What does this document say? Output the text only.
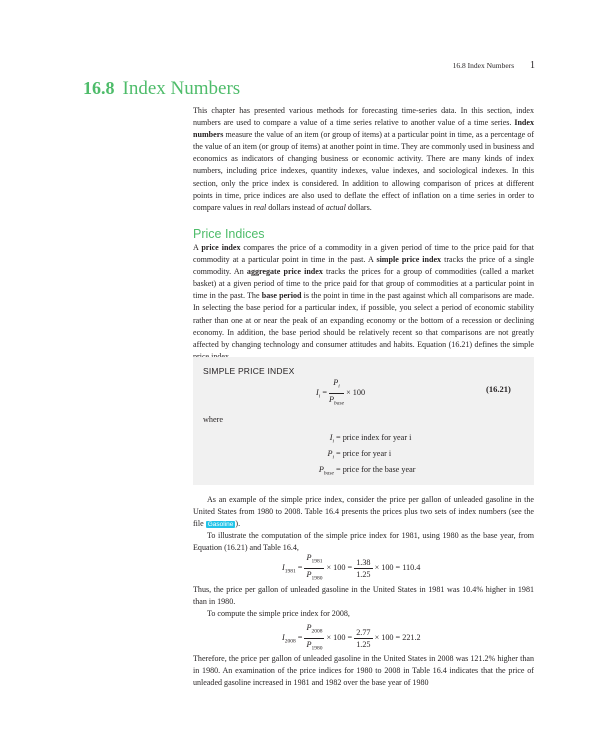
16.8 Index Numbers 1
16.8 Index Numbers
This chapter has presented various methods for forecasting time-series data. In this section, index numbers are used to compare a value of a time series relative to another value of a time series. Index numbers measure the value of an item (or group of items) at a particular point in time, as a percentage of the value of an item (or group of items) at another point in time. They are commonly used in business and economics as indicators of changing business or economic activity. There are many kinds of index numbers, including price indexes, quantity indexes, value indexes, and sociological indexes. In this section, only the price index is considered. In addition to allowing comparison of prices at different points in time, price indices are also used to deflate the effect of inflation on a time series in order to compare values in real dollars instead of actual dollars.
Price Indices
A price index compares the price of a commodity in a given period of time to the price paid for that commodity at a particular point in time in the past. A simple price index tracks the price of a single commodity. An aggregate price index tracks the prices for a group of commodities (called a market basket) at a given period of time to the price paid for that group of commodities at a particular point in time in the past. The base period is the point in time in the past against which all comparisons are made. In selecting the base period for a particular index, if possible, you select a period of economic stability rather than one at or near the peak of an expanding economy or the bottom of a recession or declining economy. In addition, the base period should be relatively recent so that comparisons are not greatly affected by changing technology and consumer attitudes and habits. Equation (16.21) defines the simple
SIMPLE PRICE INDEX
$I_i = \frac{P_i}{P_{base}} \times 100$	(16.21)
where
$I_i$ = price index for year i
$P_i$ = price for year i
$P_{base}$ = price for the base year
As an example of the simple price index, consider the price per gallon of unleaded gasoline in the United States from 1980 to 2008. Table 16.4 presents the prices plus two sets of index numbers (see the file Gasoline ).
To illustrate the computation of the simple price index for 1981, using 1980 as the base year, from Equation (16.21) and Table 16.4,
$I_{1981} = \frac{P_{1981}}{P_{1980}} \times 100 = \frac{1.38}{1.25} \times 100 = 110.4$
Thus, the price per gallon of unleaded gasoline in the United States in 1981 was 10.4% higher in 1981 than in 1980.
To compute the simple price index for 2008,
$I_{2008} = \frac{P_{2008}}{P_{1980}} \times 100 = \frac{2.77}{1.25} \times 100 = 221.2$
Therefore, the price per gallon of unleaded gasoline in the United States in 2008 was 121.2% higher than in 1980. An examination of the price indices for 1980 to 2008 in Table 16.4 indicates that the price of unleaded gasoline increased in 1981 and 1982 over the base year of 1980
